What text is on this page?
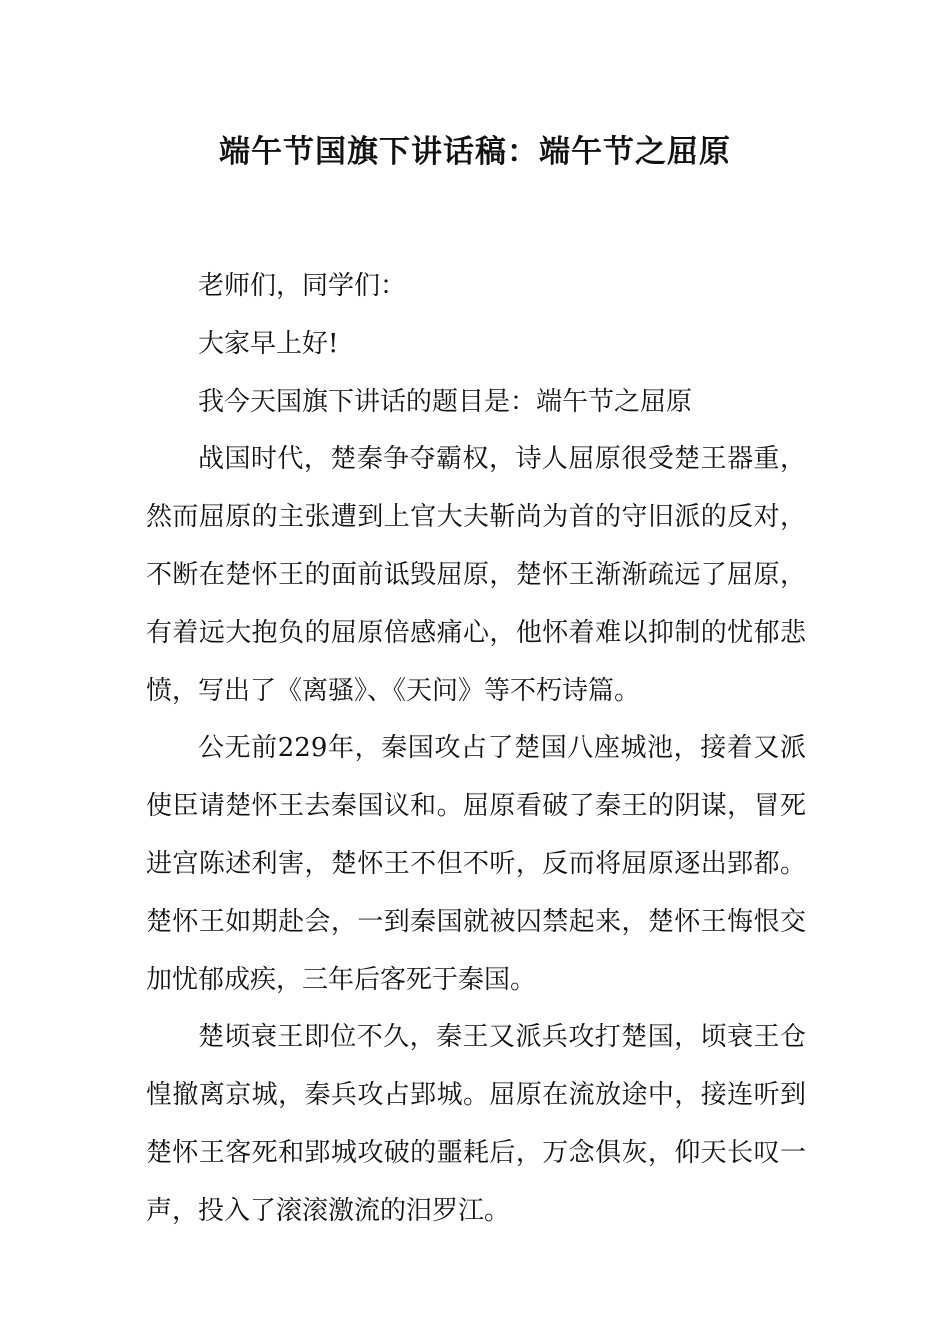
端午节国旗下讲话稿：端午节之屈原

老师们，同学们：

大家早上好!

我今天国旗下讲话的题目是：端午节之屈原

战国时代，楚秦争夺霸权，诗人屈原很受楚王器重，然而屈原的主张遭到上官大夫靳尚为首的守旧派的反对，不断在楚怀王的面前诋毁屈原，楚怀王渐渐疏远了屈原，有着远大抱负的屈原倍感痛心，他怀着难以抑制的忧郁悲愤，写出了《离骚》、《天问》等不朽诗篇。

公无前229年，秦国攻占了楚国八座城池，接着又派使臣请楚怀王去秦国议和。屈原看破了秦王的阴谋，冒死进宫陈述利害，楚怀王不但不听，反而将屈原逐出郢都。楚怀王如期赴会，一到秦国就被囚禁起来，楚怀王悔恨交加忧郁成疾，三年后客死于秦国。

楚顷衰王即位不久，秦王又派兵攻打楚国，顷衰王仓惶撤离京城，秦兵攻占郢城。屈原在流放途中，接连听到楚怀王客死和郢城攻破的噩耗后，万念俱灰，仰天长叹一声，投入了滚滚激流的汨罗江。
